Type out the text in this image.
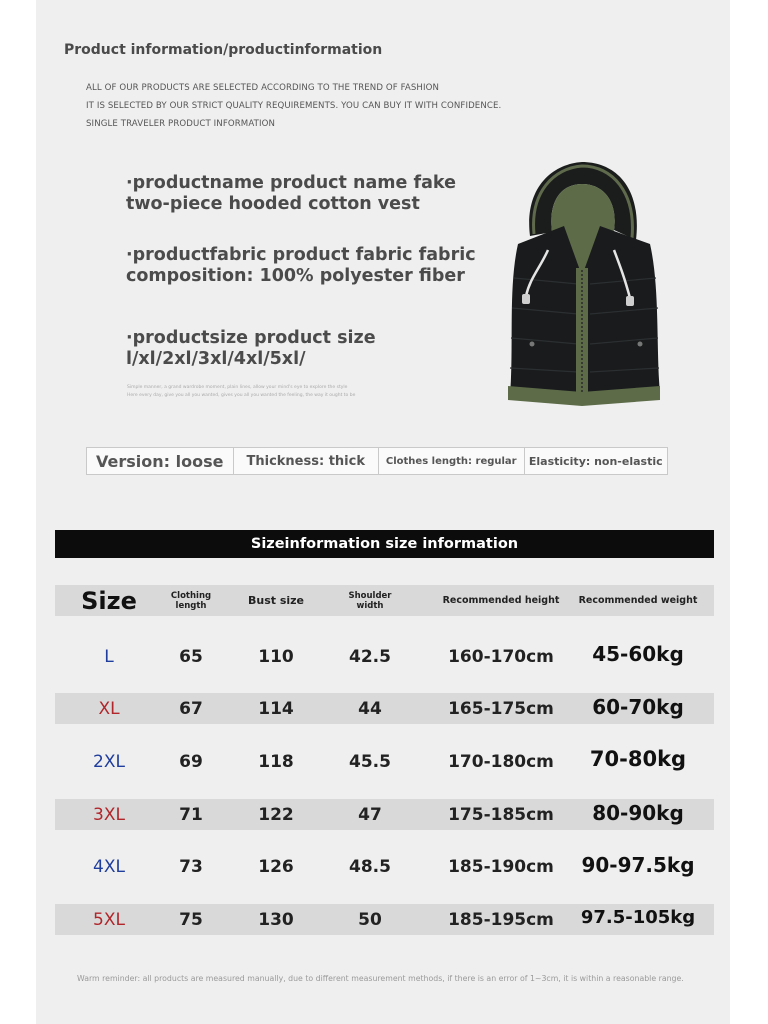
Product information/productinformation
ALL OF OUR PRODUCTS ARE SELECTED ACCORDING TO THE TREND OF FASHION
IT IS SELECTED BY OUR STRICT QUALITY REQUIREMENTS. YOU CAN BUY IT WITH CONFIDENCE.
SINGLE TRAVELER PRODUCT INFORMATION
·productname product name fake
two-piece hooded cotton vest
·productfabric product fabric fabric
composition: 100% polyester fiber
·productsize product size
l/xl/2xl/3xl/4xl/5xl/
Simple manner, a grand wardrobe moment, plain lines, allow your mind's eye to explore the style
Here every day, give you all you wanted, gives you all you wanted the feeling, the way it ought to be
Version: loose	Thickness: thick	Clothes length: regular	Elasticity: non-elastic
Sizeinformation size information
Size	Clothing length	Bust size	Shoulder width	Recommended height	Recommended weight
L	65	110	42.5	160-170cm	45-60kg
XL	67	114	44	165-175cm	60-70kg
2XL	69	118	45.5	170-180cm	70-80kg
3XL	71	122	47	175-185cm	80-90kg
4XL	73	126	48.5	185-190cm	90-97.5kg
5XL	75	130	50	185-195cm	97.5-105kg
Warm reminder: all products are measured manually, due to different measurement methods, if there is an error of 1~3cm, it is within a reasonable range.
